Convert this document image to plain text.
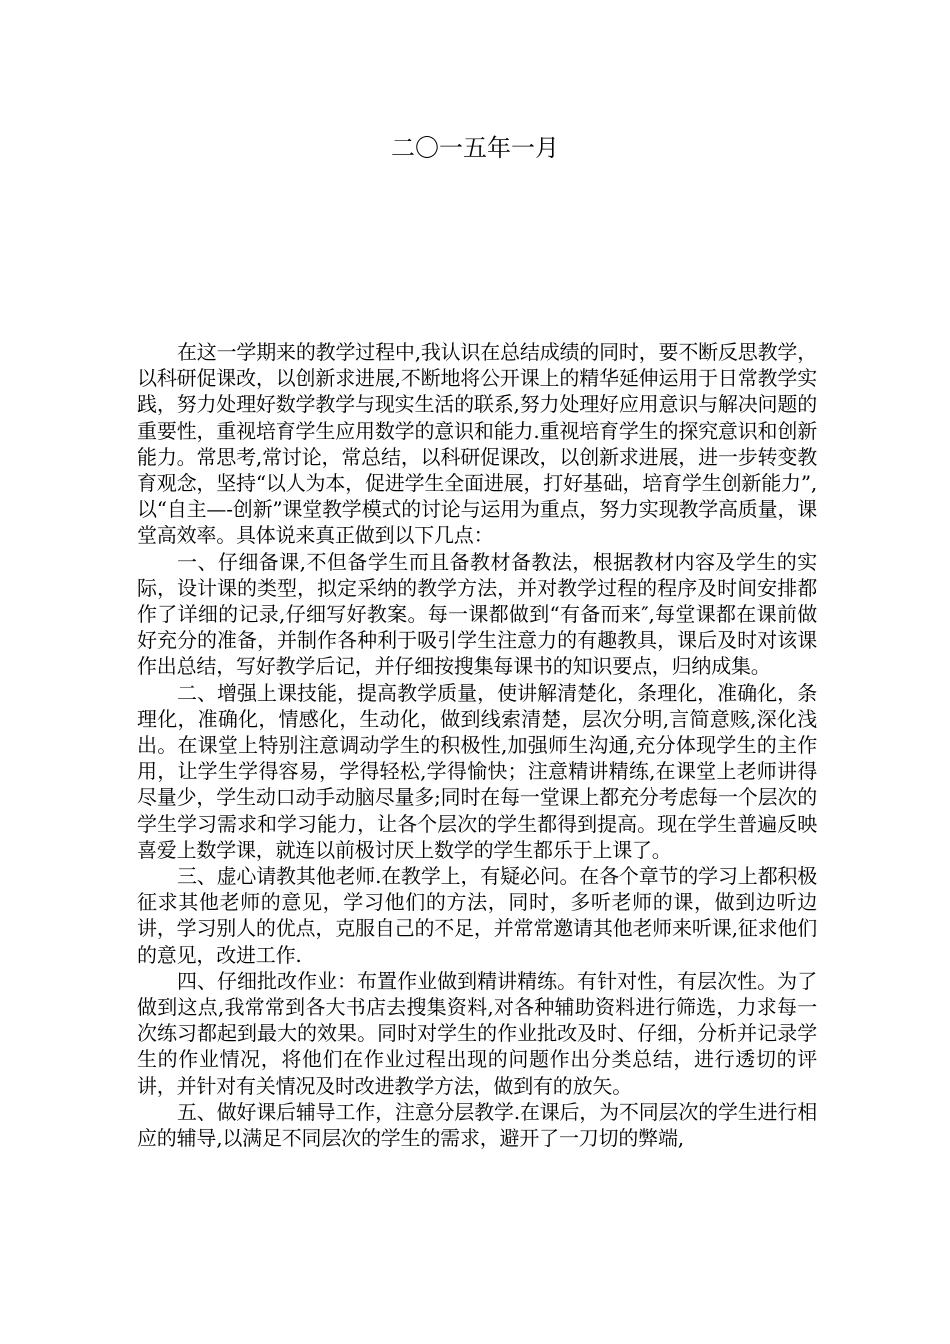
二〇一五年一月

在这一学期来的教学过程中,我认识在总结成绩的同时，要不断反思教学，以科研促课改，以创新求进展,不断地将公开课上的精华延伸运用于日常教学实践，努力处理好数学教学与现实生活的联系,努力处理好应用意识与解决问题的重要性，重视培育学生应用数学的意识和能力.重视培育学生的探究意识和创新能力。常思考,常讨论，常总结，以科研促课改，以创新求进展，进一步转变教育观念，坚持“以人为本，促进学生全面进展，打好基础，培育学生创新能力”,以“自主—-创新”课堂教学模式的讨论与运用为重点，努力实现教学高质量，课堂高效率。具体说来真正做到以下几点：

一、仔细备课,不但备学生而且备教材备教法，根据教材内容及学生的实际，设计课的类型，拟定采纳的教学方法，并对教学过程的程序及时间安排都作了详细的记录,仔细写好教案。每一课都做到“有备而来″,每堂课都在课前做好充分的准备，并制作各种利于吸引学生注意力的有趣教具，课后及时对该课作出总结，写好教学后记，并仔细按搜集每课书的知识要点，归纳成集。

二、增强上课技能，提高教学质量，使讲解清楚化，条理化，准确化，条理化，准确化，情感化，生动化，做到线索清楚，层次分明,言简意赅,深化浅出。在课堂上特别注意调动学生的积极性,加强师生沟通,充分体现学生的主作用，让学生学得容易，学得轻松,学得愉快；注意精讲精练,在课堂上老师讲得尽量少，学生动口动手动脑尽量多;同时在每一堂课上都充分考虑每一个层次的学生学习需求和学习能力，让各个层次的学生都得到提高。现在学生普遍反映喜爱上数学课，就连以前极讨厌上数学的学生都乐于上课了。

三、虚心请教其他老师.在教学上，有疑必问。在各个章节的学习上都积极征求其他老师的意见，学习他们的方法，同时，多听老师的课，做到边听边讲，学习别人的优点，克服自己的不足，并常常邀请其他老师来听课,征求他们的意见，改进工作.

四、仔细批改作业：布置作业做到精讲精练。有针对性，有层次性。为了做到这点,我常常到各大书店去搜集资料,对各种辅助资料进行筛选，力求每一次练习都起到最大的效果。同时对学生的作业批改及时、仔细，分析并记录学生的作业情况，将他们在作业过程出现的问题作出分类总结，进行透切的评讲，并针对有关情况及时改进教学方法，做到有的放矢。

五、做好课后辅导工作，注意分层教学.在课后，为不同层次的学生进行相应的辅导,以满足不同层次的学生的需求，避开了一刀切的弊端,
